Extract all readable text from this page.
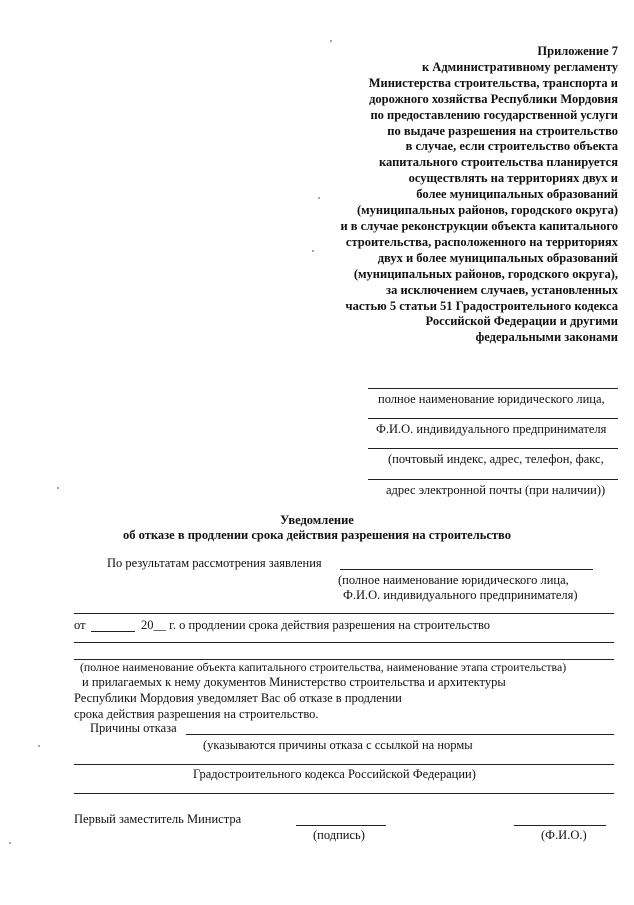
Приложение 7
к Административному регламенту
Министерства строительства, транспорта и
дорожного хозяйства Республики Мордовия
по предоставлению государственной услуги
по выдаче разрешения на строительство
в случае, если строительство объекта
капитального строительства планируется
осуществлять на территориях двух и
более муниципальных образований
(муниципальных районов, городского округа)
и в случае реконструкции объекта капитального
строительства, расположенного на территориях
двух и более муниципальных образований
(муниципальных районов, городского округа),
за исключением случаев, установленных
частью 5 статьи 51 Градостроительного кодекса
Российской Федерации и другими
федеральными законами
полное наименование юридического лица,
Ф.И.О. индивидуального предпринимателя
(почтовый индекс, адрес, телефон, факс,
адрес электронной почты (при наличии))
Уведомление
об отказе в продлении срока действия разрешения на строительство
По результатам рассмотрения заявления
(полное наименование юридического лица,
Ф.И.О. индивидуального предпринимателя)
от	20__ г. о продлении срока действия разрешения на строительство
(полное наименование объекта капитального строительства, наименование этапа строительства)
и прилагаемых к нему документов Министерство строительства и архитектуры
Республики Мордовия уведомляет Вас об отказе в продлении
срока действия разрешения на строительство.
Причины отказа
(указываются причины отказа с ссылкой на нормы
Градостроительного кодекса Российской Федерации)
Первый заместитель Министра
(подпись)	(Ф.И.О.)
